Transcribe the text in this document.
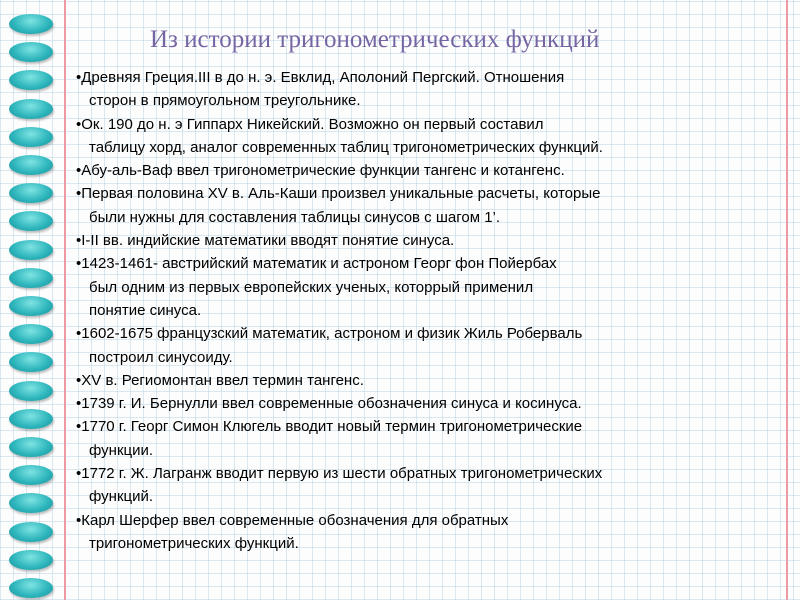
Из истории тригонометрических функций
•Древняя Греция.III в до н. э. Евклид, Аполоний Пергский. Отношения
сторон в прямоугольном треугольнике.
•Ок. 190 до н. э Гиппарх Никейский. Возможно он первый составил
таблицу хорд, аналог современных таблиц тригонометрических функций.
•Абу-аль-Ваф ввел тригонометрические функции тангенс и котангенс.
•Первая половина XV в. Аль-Каши произвел уникальные расчеты, которые
были нужны для составления таблицы синусов с шагом 1’.
•I-II вв. индийские математики вводят понятие синуса.
•1423-1461- австрийский математик и астроном Георг фон Пойербах
был одним из первых европейских ученых, которрый применил
понятие синуса.
•1602-1675 французский математик, астроном и физик Жиль Роберваль
построил синусоиду.
•XV в. Региомонтан ввел термин тангенс.
•1739 г. И. Бернулли ввел современные обозначения синуса и косинуса.
•1770 г. Георг Симон Клюгель вводит новый термин тригонометрические
функции.
•1772 г. Ж. Лагранж вводит первую из шести обратных тригонометрических
функций.
•Карл Шерфер ввел современные обозначения для обратных
тригонометрических функций.
